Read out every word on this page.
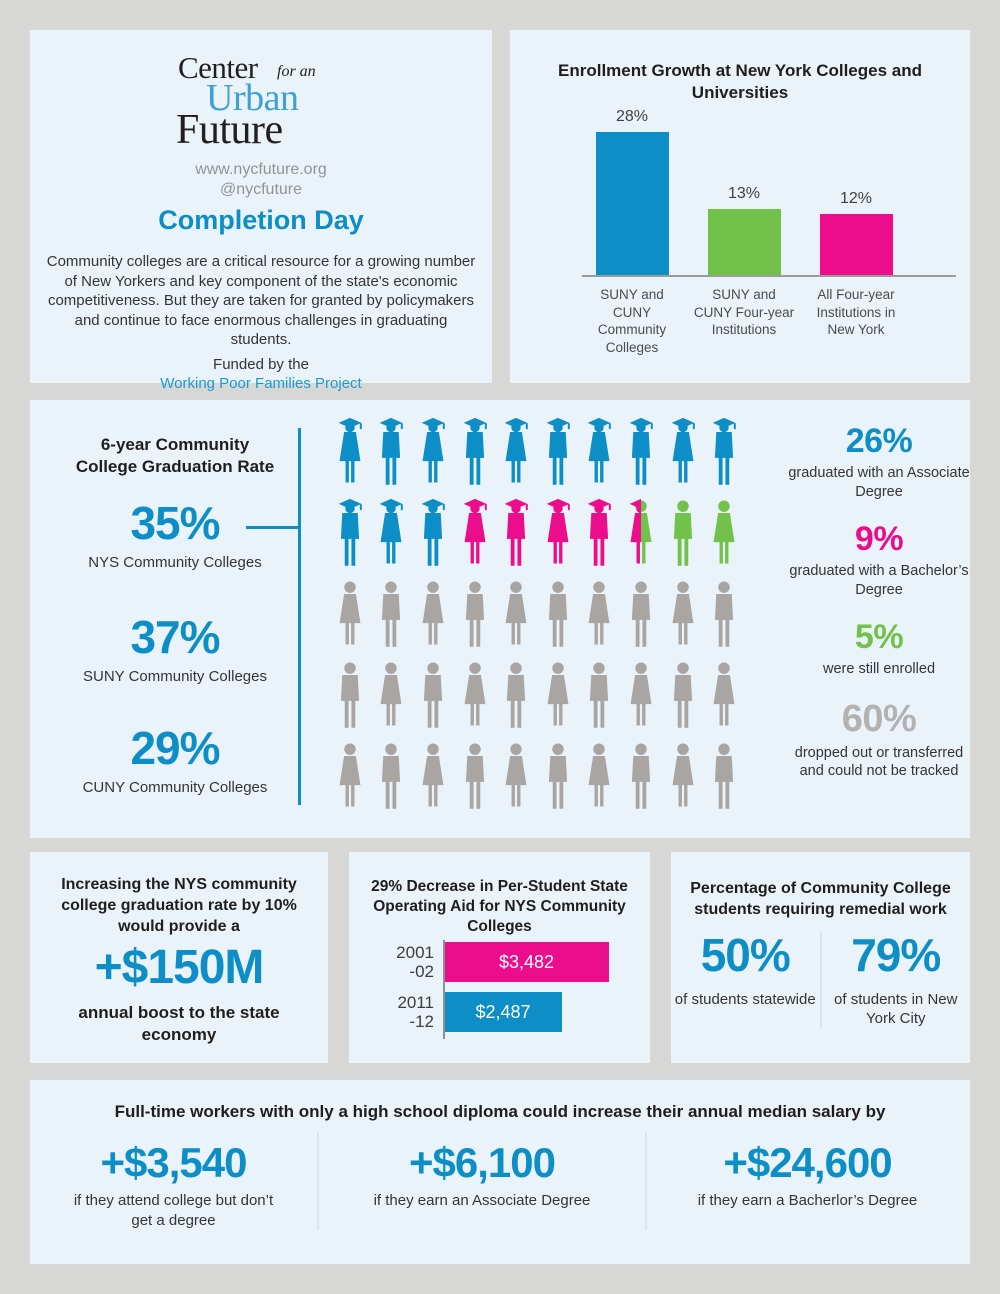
Center for an
Urban
Future
www.nycfuture.org
@nycfuture
Completion Day
Community colleges are a critical resource for a growing number of New Yorkers and key component of the state's economic competitiveness. But they are taken for granted by policymakers and continue to face enormous challenges in graduating students.
Funded by the
Working Poor Families Project
Enrollment Growth at New York Colleges and Universities
28%
13%	12%
SUNY and CUNY Community Colleges
SUNY and CUNY Four-year Institutions
All Four-year Institutions in New York
6-year Community College Graduation Rate
35%
NYS Community Colleges
37%
SUNY Community Colleges
29%
CUNY Community Colleges
26%
graduated with an Associate Degree
9%
graduated with a Bachelor’s Degree
5%
were still enrolled
60%
dropped out or transferred and could not be tracked
Increasing the NYS community college graduation rate by 10% would provide a
+$150M
annual boost to the state economy
29% Decrease in Per-Student State Operating Aid for NYS Community Colleges
2001
-02	$3,482
2011
-12	$2,487
Percentage of Community College students requiring remedial work
50%
of students statewide
79%
of students in New York City
Full-time workers with only a high school diploma could increase their annual median salary by
+$3,540
if they attend college but don’t get a degree
+$6,100
if they earn an Associate Degree
+$24,600
if they earn a Bacherlor’s Degree
